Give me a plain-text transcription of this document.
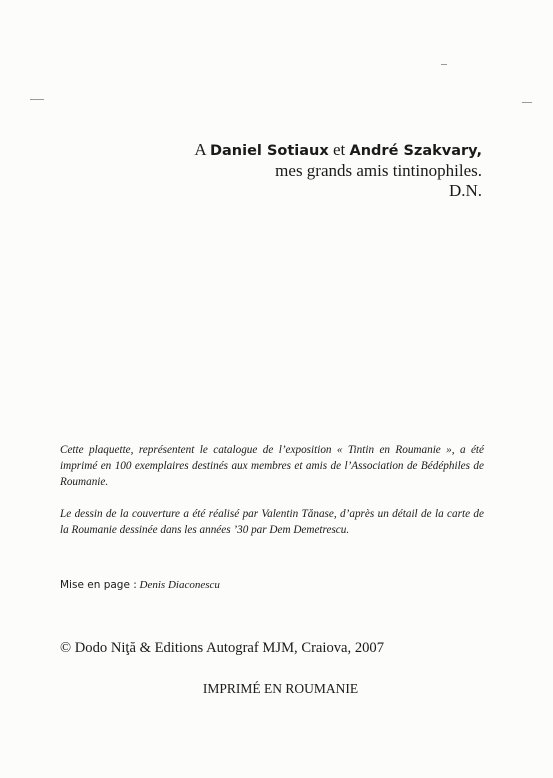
A Daniel Sotiaux et André Szakvary,
mes grands amis tintinophiles.
D.N.

Cette plaquette, représentent le catalogue de l’exposition « Tintin en Roumanie », a été imprimé en 100 exemplaires destinés aux membres et amis de l’Association de Bédéphiles de Roumanie.

Le dessin de la couverture a été réalisé par Valentin Tănase, d’après un détail de la carte de la Roumanie dessinée dans les années ’30 par Dem Demetrescu.

Mise en page : Denis Diaconescu
© Dodo Niţă & Editions Autograf MJM, Craiova, 2007
IMPRIMÉ EN ROUMANIE
